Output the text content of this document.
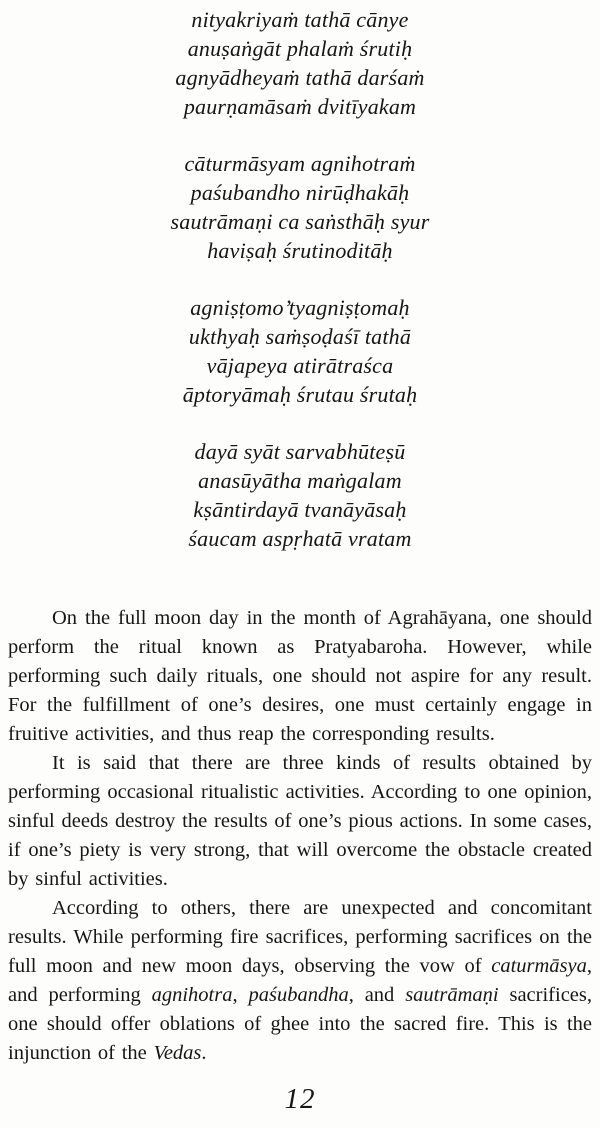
nityakriyaṁ tathā cānye
anuṣaṅgāt phalaṁ śrutiḥ
agnyādheyaṁ tathā darśaṁ
paurṇamāsaṁ dvitīyakam
cāturmāsyam agnihotraṁ
paśubandho nirūḍhakāḥ
sautrāmaṇi ca saṅsthāḥ syur
haviṣaḥ śrutinoditāḥ
agniṣṭomo’tyagniṣṭomaḥ
ukthyaḥ saṁṣoḍaśī tathā
vājapeya atirātraśca
āptoryāmaḥ śrutau śrutaḥ
dayā syāt sarvabhūteṣū
anasūyātha maṅgalam
kṣāntirdayā tvanāyāsaḥ
śaucam aspṛhatā vratam

On the full moon day in the month of Agrahāyana, one should perform the ritual known as Pratyabaroha. However, while performing such daily rituals, one should not aspire for any result. For the fulfillment of one’s desires, one must certainly engage in fruitive activities, and thus reap the corresponding results.

It is said that there are three kinds of results obtained by performing occasional ritualistic activities. According to one opinion, sinful deeds destroy the results of one’s pious actions. In some cases, if one’s piety is very strong, that will overcome the obstacle created by sinful activities.

According to others, there are unexpected and concomitant results. While performing fire sacrifices, performing sacrifices on the full moon and new moon days, observing the vow of caturmāsya, and performing agnihotra, paśubandha, and sautrāmaṇi sacrifices, one should offer oblations of ghee into the sacred fire. This is the injunction of the Vedas.

12
